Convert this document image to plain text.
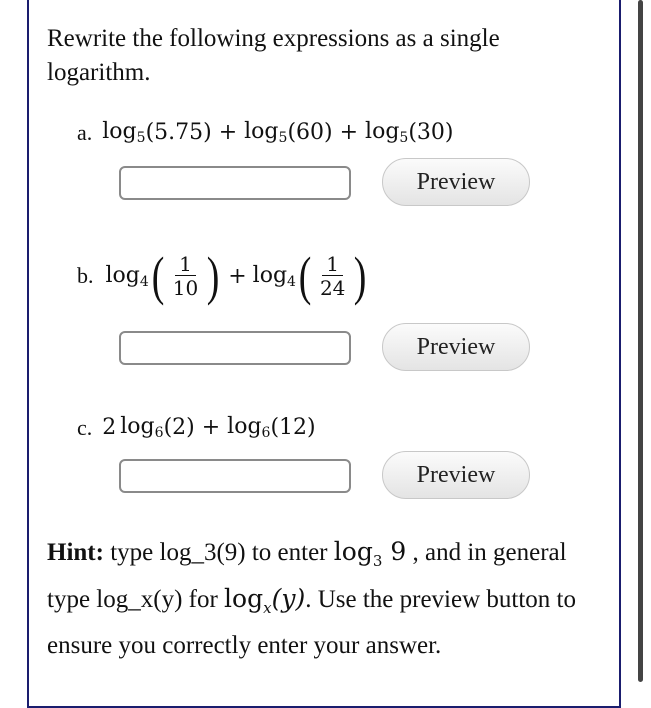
Rewrite the following expressions as a single logarithm.

a. $\log_5 (5.75) + \log_5 (60) + \log_5 (30)$
Preview
b. $\log_4$ ( $\frac{1}{10}$ ) + $\log_4$ ( $\frac{1}{24}$ )
Preview
c. 2 $\log_6 (2) + \log_6 (12)$
Preview

Hint: type log_3(9) to enter $\log_3 9$ , and in general type log_x(y) for $\log_x(y)$. Use the preview button to ensure you correctly enter your answer.
